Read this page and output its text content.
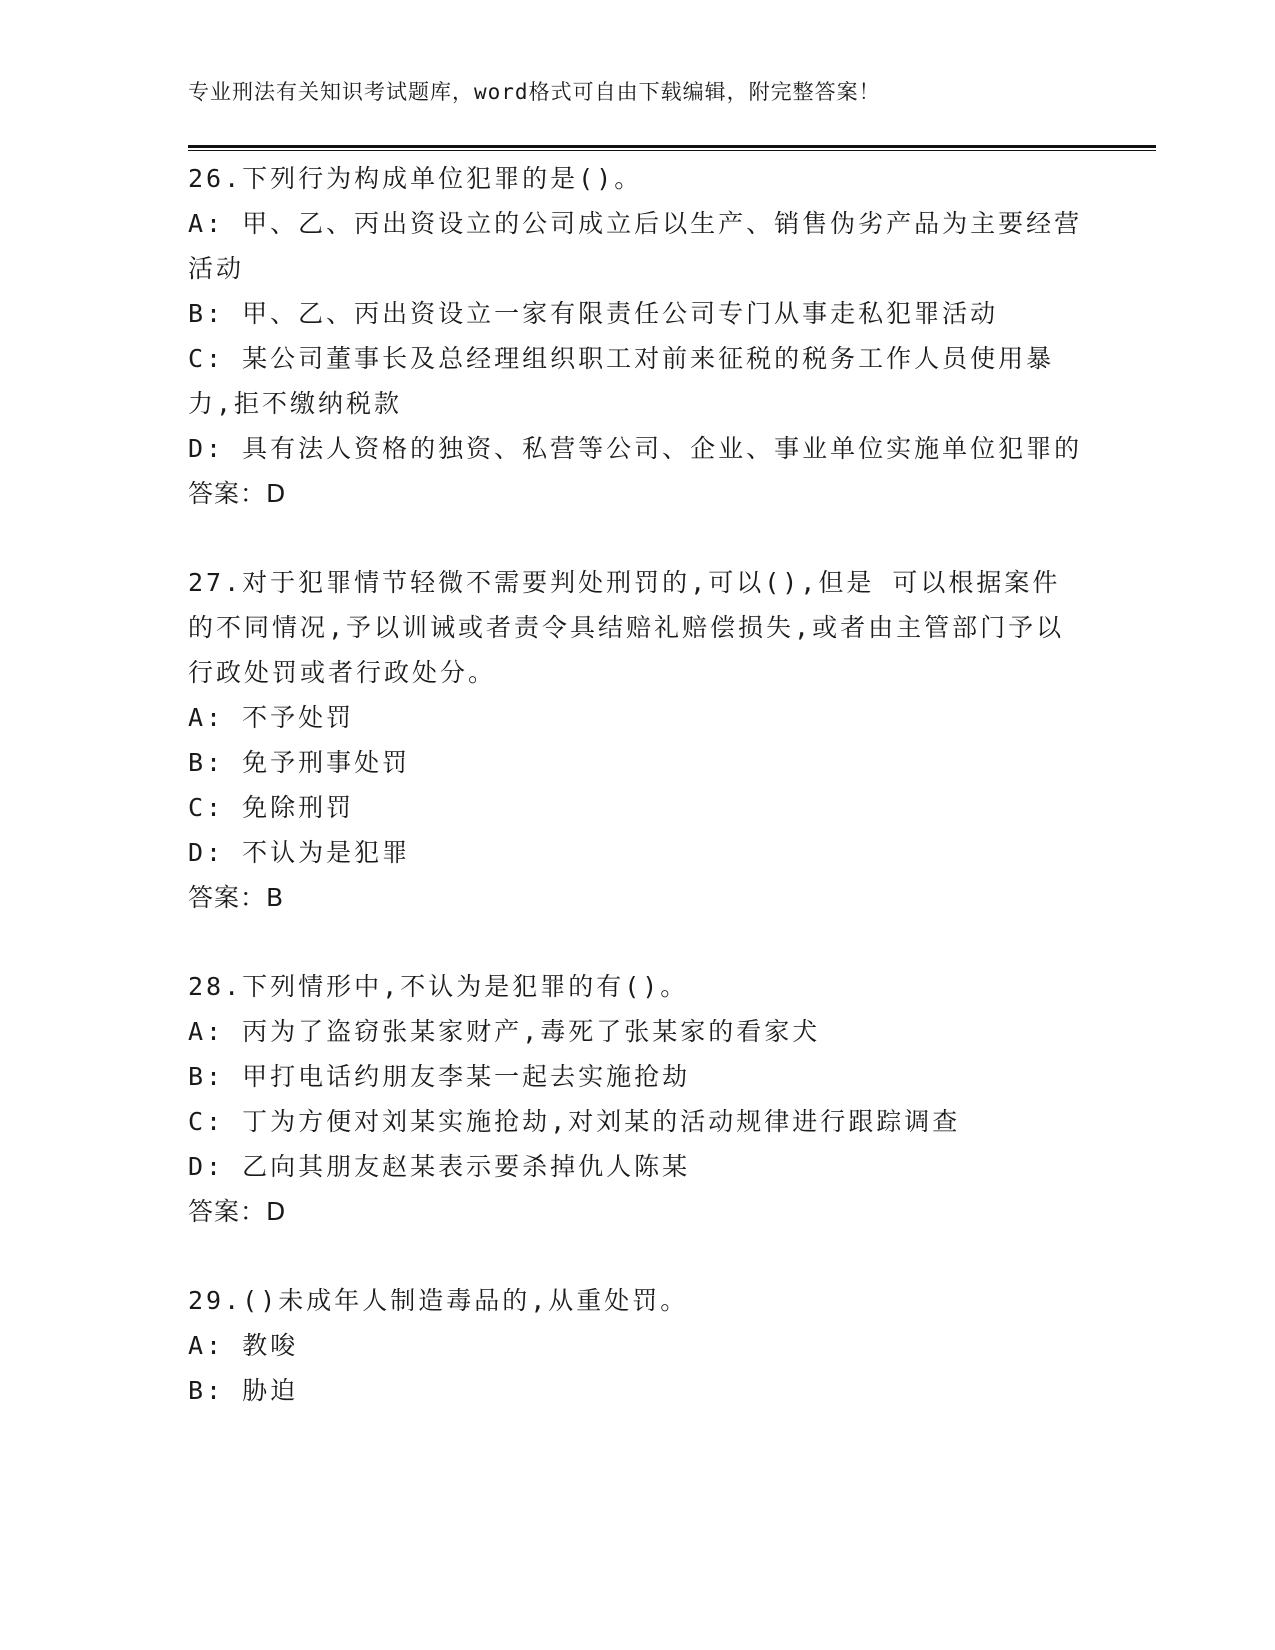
专业刑法有关知识考试题库，word格式可自由下载编辑，附完整答案！
26.下列行为构成单位犯罪的是()。
A: 甲、乙、丙出资设立的公司成立后以生产、销售伪劣产品为主要经营活动
B: 甲、乙、丙出资设立一家有限责任公司专门从事走私犯罪活动
C: 某公司董事长及总经理组织职工对前来征税的税务工作人员使用暴力,拒不缴纳税款
D: 具有法人资格的独资、私营等公司、企业、事业单位实施单位犯罪的
答案：D
27.对于犯罪情节轻微不需要判处刑罚的,可以(),但是 可以根据案件的不同情况,予以训诫或者责令具结赔礼赔偿损失,或者由主管部门予以行政处罚或者行政处分。
A: 不予处罚
B: 免予刑事处罚
C: 免除刑罚
D: 不认为是犯罪
答案：B
28.下列情形中,不认为是犯罪的有()。
A: 丙为了盗窃张某家财产,毒死了张某家的看家犬
B: 甲打电话约朋友李某一起去实施抢劫
C: 丁为方便对刘某实施抢劫,对刘某的活动规律进行跟踪调查
D: 乙向其朋友赵某表示要杀掉仇人陈某
答案：D
29.()未成年人制造毒品的,从重处罚。
A: 教唆
B: 胁迫
